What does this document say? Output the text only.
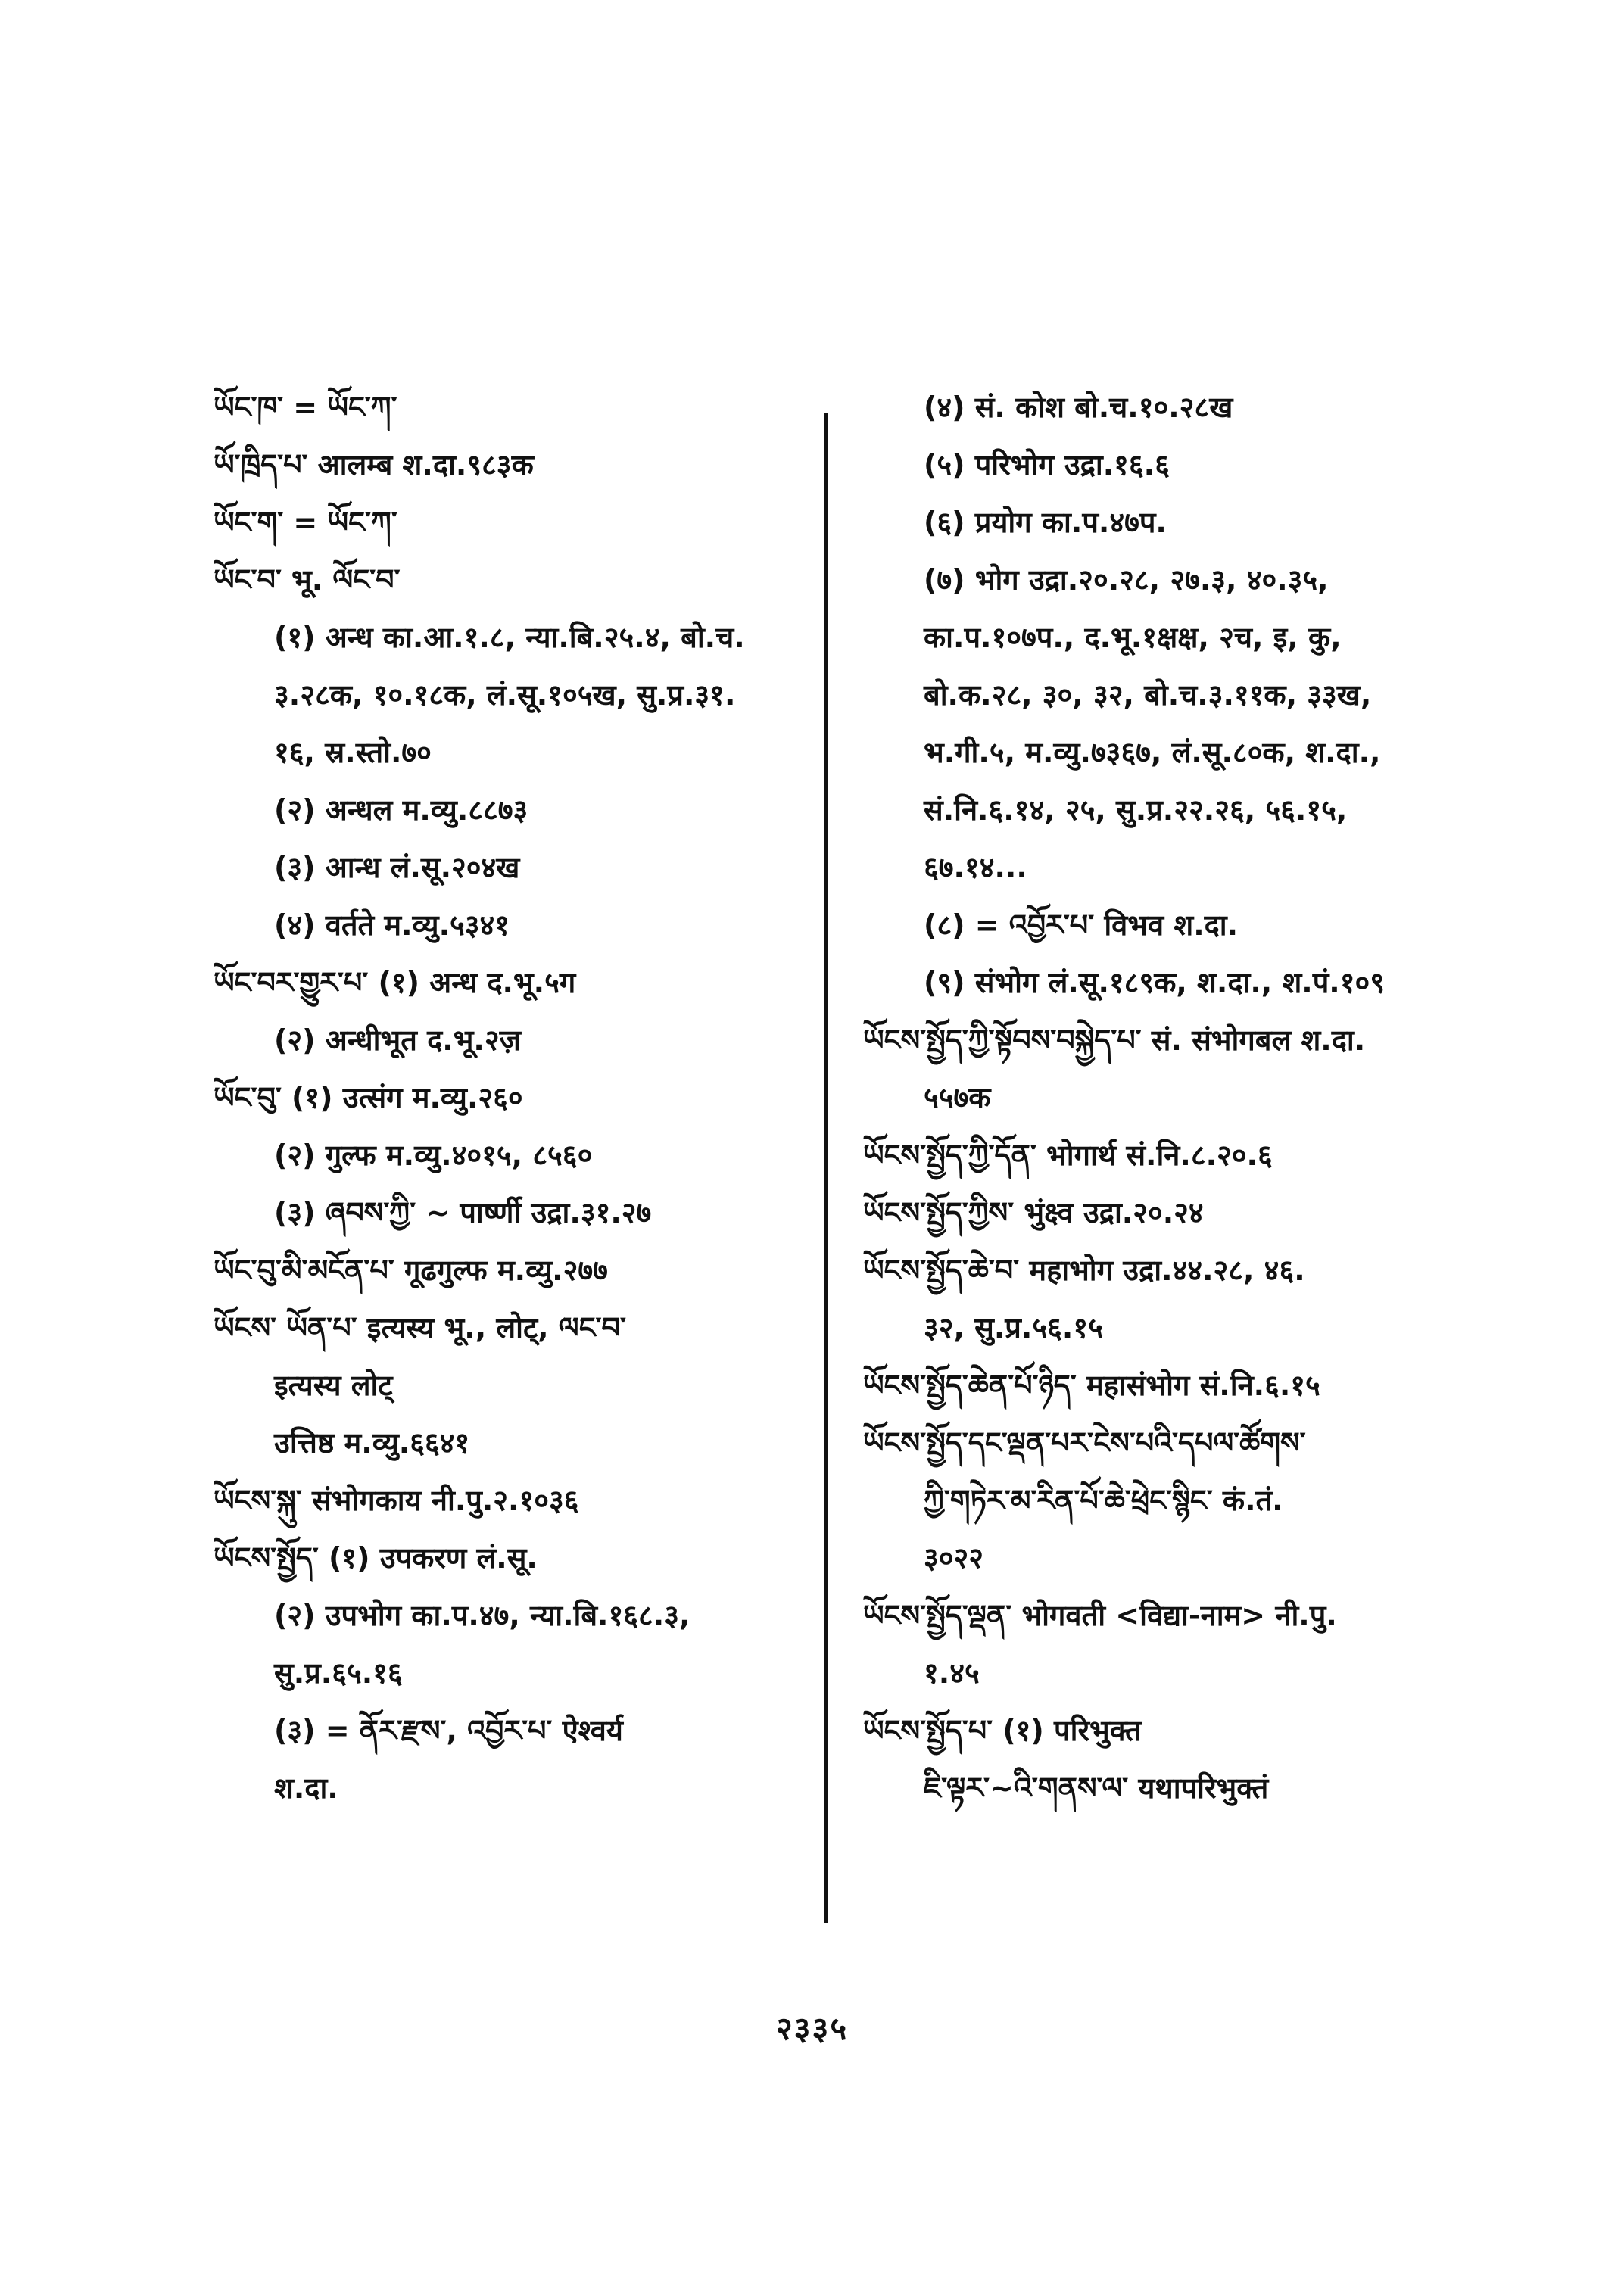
ཡོང་ཁ་ = ཡོང་ཀ་
ཡོ་ཁྲིད་པ་ आलम्ब श.दा.९८३क
ཡོང་ག་ = ཡོང་ཀ་
ཡོང་བ་ भू. ལོང་བ་
(१) अन्ध का.आ.१.८, न्या.बि.२५.४, बो.च.
३.२८क, १०.१८क, लं.सू.१०५ख, सु.प्र.३१.
१६, स्र.स्तो.७०
(२) अन्धल म.व्यु.८८७३
(३) आन्ध लं.सू.२०४ख
(४) वर्तते म.व्यु.५३४१
ཡོང་བར་གྱུར་པ་ (१) अन्ध द.भू.५ग
(२) अन्धीभूत द.भू.२ज़
ཡོང་བུ་ (१) उत्संग म.व्यु.२६०
(२) गुल्फ म.व्यु.४०१५, ८५६०
(३) ཞབས་ཀྱི་ ~ पार्ष्णी उद्रा.३१.२७
ཡོང་བུ་མི་མངོན་པ་ गूढगुल्फ म.व्यु.२७७
ཡོངས་ ཡོན་པ་ इत्यस्य भू., लोट्, ལང་བ་
इत्यस्य लोट्
उत्तिष्ठ म.व्यु.६६४१
ཡོངས་སྐུ་ संभोगकाय नी.पु.२.१०३६
ཡོངས་སྤྱོད་ (१) उपकरण लं.सू.
(२) उपभोग का.प.४७, न्या.बि.१६८.३,
सु.प्र.६५.१६
(३) = ནོར་རྫས་, འབྱོར་པ་ ऐश्वर्य
श.दा.
(४) सं. कोश बो.च.१०.२८ख
(५) परिभोग उद्रा.१६.६
(६) प्रयोग का.प.४७प.
(७) भोग उद्रा.२०.२८, २७.३, ४०.३५,
का.प.१०७प., द.भू.१क्षक्ष, २च, इ, कु,
बो.क.२८, ३०, ३२, बो.च.३.११क, ३३ख,
भ.गी.५, म.व्यु.७३६७, लं.सू.८०क, श.दा.,
सं.नि.६.१४, २५, सु.प्र.२२.२६, ५६.१५,
६७.१४...
(८) = འབྱོར་པ་ विभव श.दा.
(९) संभोग लं.सू.१८९क, श.दा., श.पं.१०९
ཡོངས་སྤྱོད་ཀྱི་སྟོབས་བསྐྱེད་པ་ सं. संभोगबल श.दा.
५५७क
ཡོངས་སྤྱོད་ཀྱི་དོན་ भोगार्थ सं.नि.८.२०.६
ཡོངས་སྤྱོད་ཀྱིས་ भुंक्ष्व उद्रा.२०.२४
ཡོངས་སྤྱོད་ཆེ་བ་ महाभोग उद्रा.४४.२८, ४६.
३२, सु.प्र.५६.१५
ཡོངས་སྤྱོད་ཆེན་པོ་ཉིད་ महासंभोग सं.नि.६.१५
ཡོངས་སྤྱོད་དང་ལྡན་པར་ངེས་པའི་དཔལ་ཚོགས་
ཀྱི་གཏེར་མ་རིན་པོ་ཆེ་ཕྲེང་སྙིང་ कं.तं.
३०२२
ཡོངས་སྤྱོད་ལྡན་ भोगवती <विद्या-नाम> नी.पु.
१.४५
ཡོངས་སྤྱོད་པ་ (१) परिभुक्त
ཇི་ལྟར་~འི་གནས་ལ་ यथापरिभुक्तं
२३३५
